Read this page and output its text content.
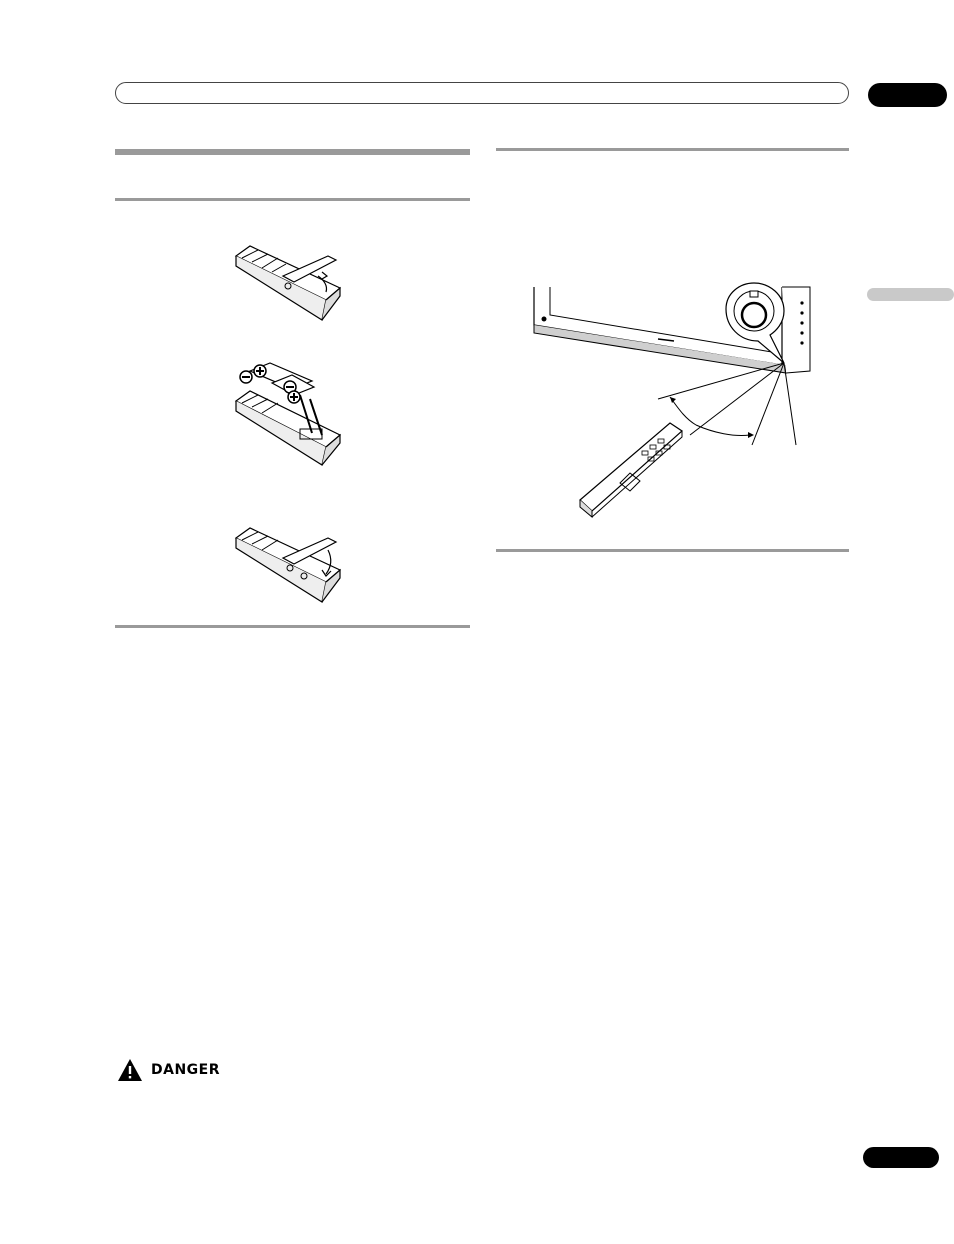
DANGER
